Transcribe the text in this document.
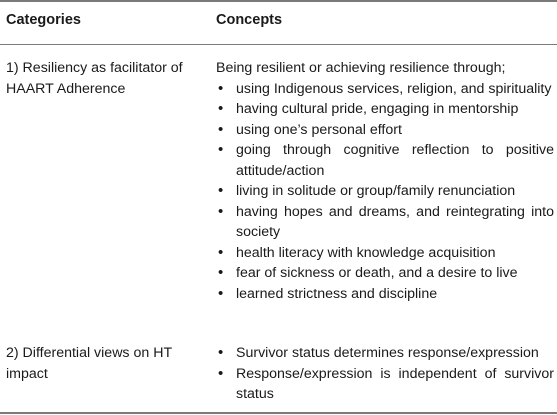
Categories	Concepts
1) Resiliency as facilitator of HAART Adherence
Being resilient or achieving resilience through;
• using Indigenous services, religion, and spirituality
• having cultural pride, engaging in mentorship
• using one’s personal effort
• going through cognitive reflection to positive attitude/action
• living in solitude or group/family renunciation
• having hopes and dreams, and reintegrating into society
• health literacy with knowledge acquisition
• fear of sickness or death, and a desire to live
• learned strictness and discipline
2) Differential views on HT impact
• Survivor status determines response/expression
• Response/expression is independent of survivor status
